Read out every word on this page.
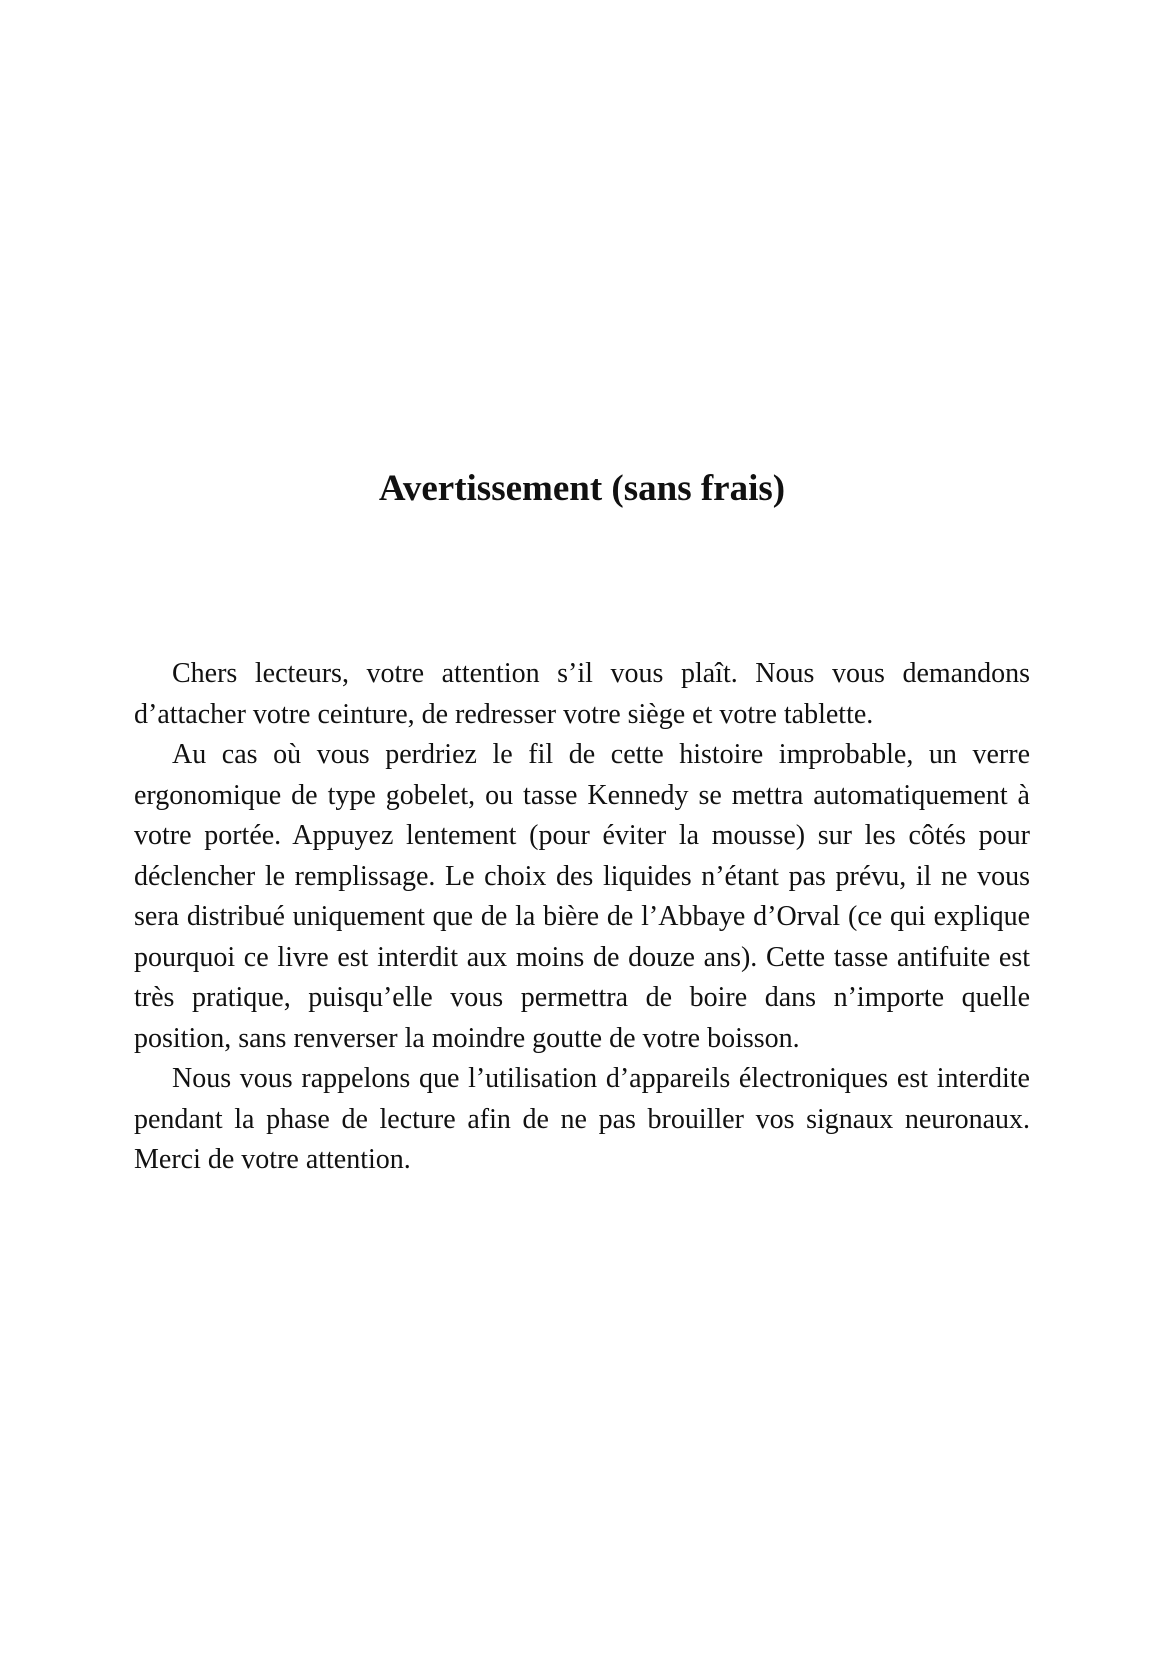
Avertissement (sans frais)

Chers lecteurs, votre attention s’il vous plaît. Nous vous demandons d’attacher votre ceinture, de redresser votre siège et votre tablette.

Au cas où vous perdriez le fil de cette histoire improbable, un verre ergonomique de type gobelet, ou tasse Kennedy se mettra automatiquement à votre portée. Appuyez lentement (pour éviter la mousse) sur les côtés pour déclencher le remplissage. Le choix des liquides n’étant pas prévu, il ne vous sera distribué uniquement que de la bière de l’Abbaye d’Orval (ce qui explique pourquoi ce livre est interdit aux moins de douze ans). Cette tasse antifuite est très pratique, puisqu’elle vous permettra de boire dans n’importe quelle position, sans renverser la moindre goutte de votre boisson.

Nous vous rappelons que l’utilisation d’appareils électroniques est interdite pendant la phase de lecture afin de ne pas brouiller vos signaux neuronaux. Merci de votre attention.
